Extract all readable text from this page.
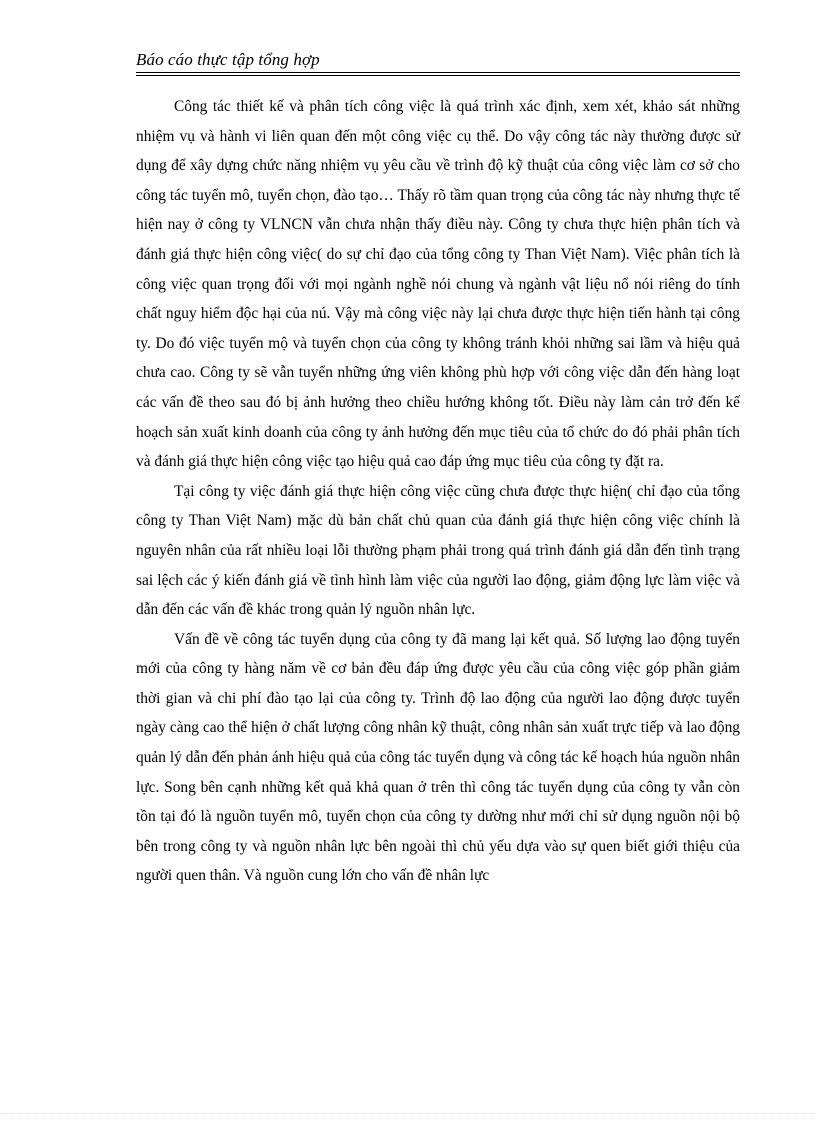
Báo cáo thực tập tổng hợp

Công tác thiết kế và phân tích công việc là quá trình xác định, xem xét, khảo sát những nhiệm vụ và hành vi liên quan đến một công việc cụ thể. Do vậy công tác này thường được sử dụng để xây dựng chức năng nhiệm vụ yêu cầu về trình độ kỹ thuật của công việc làm cơ sở cho công tác tuyển mô, tuyển chọn, đào tạo… Thấy rõ tầm quan trọng của công tác này nhưng thực tế hiện nay ở công ty VLNCN vẫn chưa nhận thấy điều này. Công ty chưa thực hiện phân tích và đánh giá thực hiện công việc( do sự chỉ đạo của tổng công ty Than Việt Nam). Việc phân tích là công việc quan trọng đối với mọi ngành nghề nói chung và ngành vật liệu nổ nói riêng do tính chất nguy hiểm độc hại của nú. Vậy mà công việc này lại chưa được thực hiện tiến hành tại công ty. Do đó việc tuyển mộ và tuyển chọn của công ty không tránh khỏi những sai lầm và hiệu quả chưa cao. Công ty sẽ vẫn tuyển những ứng viên không phù hợp với công việc dẫn đến hàng loạt các vấn đề theo sau đó bị ảnh hưởng theo chiều hướng không tốt. Điều này làm cản trở đến kế hoạch sản xuất kinh doanh của công ty ảnh hưởng đến mục tiêu của tổ chức do đó phải phân tích và đánh giá thực hiện công việc tạo hiệu quả cao đáp ứng mục tiêu của công ty đặt ra.

Tại công ty việc đánh giá thực hiện công việc cũng chưa được thực hiện( chỉ đạo của tổng công ty Than Việt Nam) mặc dù bản chất chủ quan của đánh giá thực hiện công việc chính là nguyên nhân của rất nhiều loại lỗi thường phạm phải trong quá trình đánh giá dẫn đến tình trạng sai lệch các ý kiến đánh giá về tình hình làm việc của người lao động, giảm động lực làm việc và dẫn đến các vấn đề khác trong quản lý nguồn nhân lực.

Vấn đề về công tác tuyển dụng của công ty đã mang lại kết quả. Số lượng lao động tuyển mới của công ty hàng năm về cơ bản đều đáp ứng được yêu cầu của công việc góp phần giảm thời gian và chi phí đào tạo lại của công ty. Trình độ lao động của người lao động được tuyển ngày càng cao thể hiện ở chất lượng công nhân kỹ thuật, công nhân sản xuất trực tiếp và lao động quản lý dẫn đến phản ánh hiệu quả của công tác tuyển dụng và công tác kế hoạch húa nguồn nhân lực. Song bên cạnh những kết quả khả quan ở trên thì công tác tuyển dụng của công ty vẫn còn tồn tại đó là nguồn tuyển mô, tuyển chọn của công ty dường như mới chỉ sử dụng nguồn nội bộ bên trong công ty và nguồn nhân lực bên ngoài thì chủ yếu dựa vào sự quen biết giới thiệu của người quen thân. Và nguồn cung lớn cho vấn đề nhân lực
